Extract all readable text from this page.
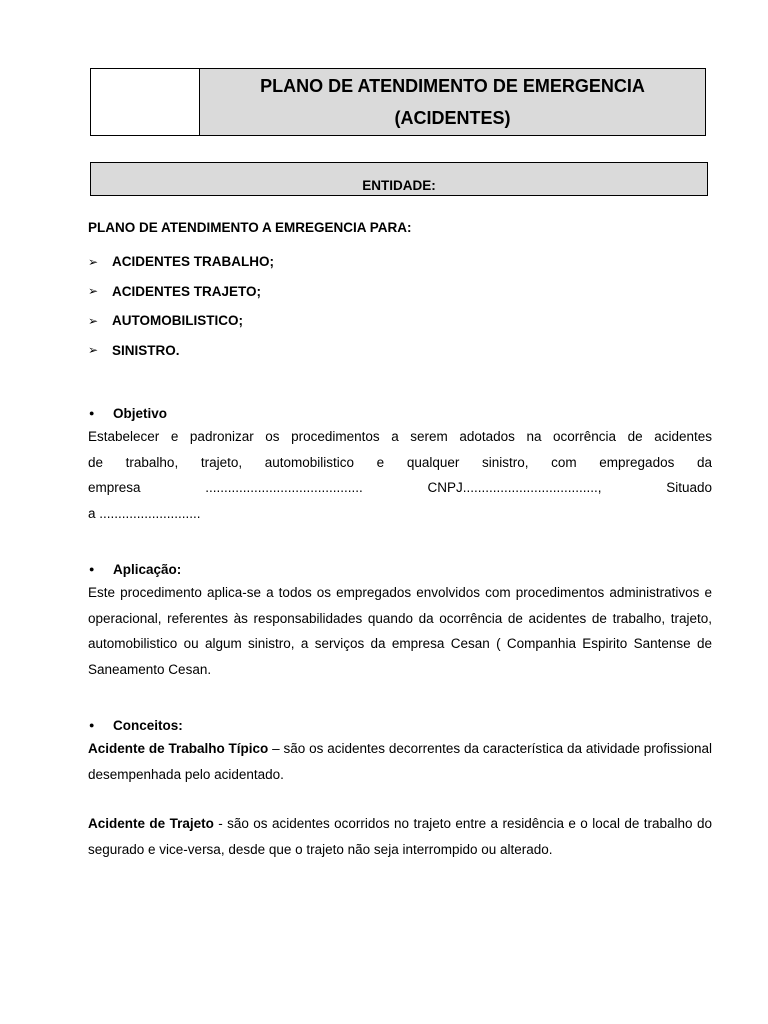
PLANO DE ATENDIMENTO DE EMERGENCIA
(ACIDENTES)
ENTIDADE:
PLANO DE ATENDIMENTO A EMREGENCIA PARA:
➢	ACIDENTES TRABALHO;
➢	ACIDENTES TRAJETO;
➢	AUTOMOBILISTICO;
➢	SINISTRO.
●	Objetivo
Estabelecer e padronizar os procedimentos a serem adotados na ocorrência de acidentes
de trabalho, trajeto, automobilistico e qualquer sinistro, com empregados da
empresa	..........................................	CNPJ....................................,	Situado
a ...........................
●	Aplicação:
Este procedimento aplica-se a todos os empregados envolvidos com procedimentos administrativos e operacional, referentes às responsabilidades quando da ocorrência de acidentes de trabalho, trajeto, automobilistico ou algum sinistro, a serviços da empresa Cesan ( Companhia Espirito Santense de Saneamento Cesan.
●	Conceitos:
Acidente de Trabalho Típico – são os acidentes decorrentes da característica da atividade profissional desempenhada pelo acidentado.
Acidente de Trajeto - são os acidentes ocorridos no trajeto entre a residência e o local de trabalho do segurado e vice-versa, desde que o trajeto não seja interrompido ou alterado.
